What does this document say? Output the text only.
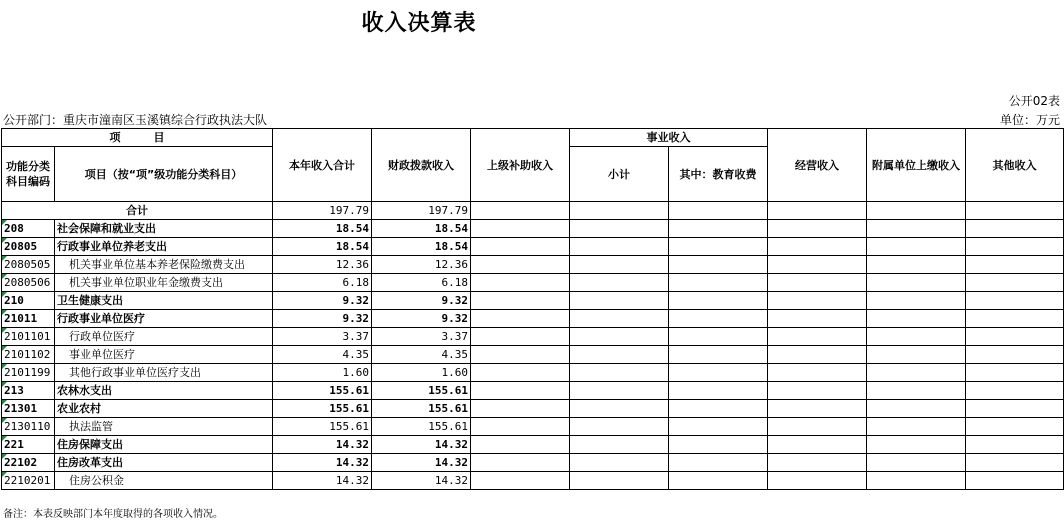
收入决算表
公开02表
公开部门：重庆市潼南区玉溪镇综合行政执法大队	单位：万元
项　　　目		本年收入合计	财政拨款收入	上级补助收入	事业收入		经营收入	附属单位上缴收入	其他收入
功能分类科目编码	项目（按“项”级功能分类科目）				小计	其中：教育收费			

合计		197.79	197.79						
208	社会保障和就业支出	18.54	18.54						
20805	行政事业单位养老支出	18.54	18.54						
2080505	机关事业单位基本养老保险缴费支出	12.36	12.36						
2080506	机关事业单位职业年金缴费支出	6.18	6.18						
210	卫生健康支出	9.32	9.32						
21011	行政事业单位医疗	9.32	9.32						
2101101	行政单位医疗	3.37	3.37						
2101102	事业单位医疗	4.35	4.35						
2101199	其他行政事业单位医疗支出	1.60	1.60						
213	农林水支出	155.61	155.61						
21301	农业农村	155.61	155.61						
2130110	执法监管	155.61	155.61						
221	住房保障支出	14.32	14.32						
22102	住房改革支出	14.32	14.32						
2210201	住房公积金	14.32	14.32						
备注：本表反映部门本年度取得的各项收入情况。
